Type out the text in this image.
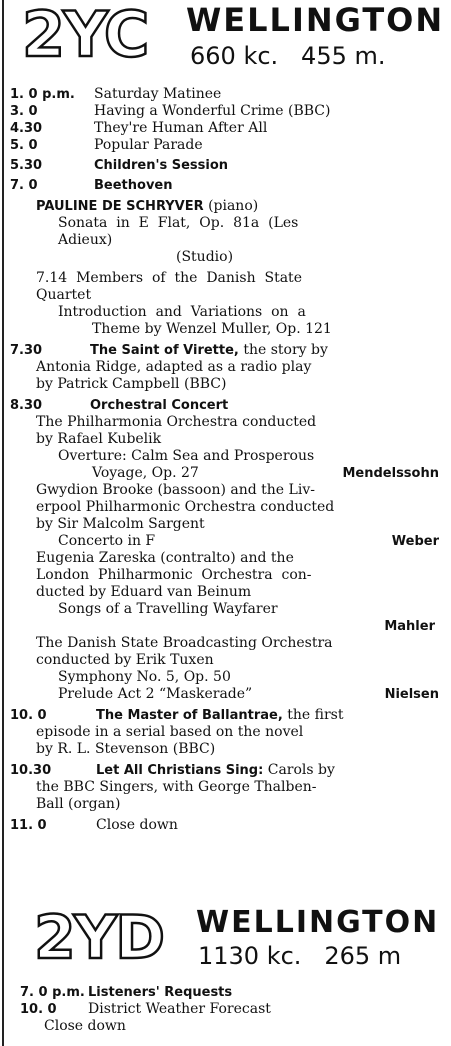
2YC WELLINGTON
660 kc.   455 m.
1. 0 p.m.	Saturday Matinee
3. 0	Having a Wonderful Crime (BBC)
4.30	They're Human After All
5. 0	Popular Parade
5.30	Children's Session
7. 0	Beethoven
PAULINE DE SCHRYVER (piano)
Sonata  in  E  Flat,  Op.  81a  (Les
Adieux)
(Studio)
7.14  Members  of  the  Danish  State
Quartet
Introduction  and  Variations  on  a
Theme by Wenzel Muller, Op. 121
7.30	The Saint of Virette,
the story by
Antonia Ridge, adapted as a radio play
by Patrick Campbell (BBC)
8.30	Orchestral Concert
The Philharmonia Orchestra conducted
by Rafael Kubelik
Overture: Calm Sea and Prosperous
Voyage, Op. 27	Mendelssohn
Gwydion Brooke (bassoon) and the Liv-
erpool Philharmonic Orchestra conducted
by Sir Malcolm Sargent
Concerto in F	Weber
Eugenia Zareska (contralto) and the
London  Philharmonic  Orchestra  con-
ducted by Eduard van Beinum
Songs of a Travelling Wayfarer
Mahler
The Danish State Broadcasting Orchestra
conducted by Erik Tuxen
Symphony No. 5, Op. 50
Prelude Act 2 “Maskerade”	Nielsen
10. 0	The Master of Ballantrae,
the first
episode in a serial based on the novel
by R. L. Stevenson (BBC)
10.30	Let All Christians Sing:
Carols by
the BBC Singers, with George Thalben-
Ball (organ)
11. 0	Close down
2YD WELLINGTON
1130 kc.   265 m
7. 0 p.m. Listeners' Requests
10. 0	District Weather Forecast
Close down
